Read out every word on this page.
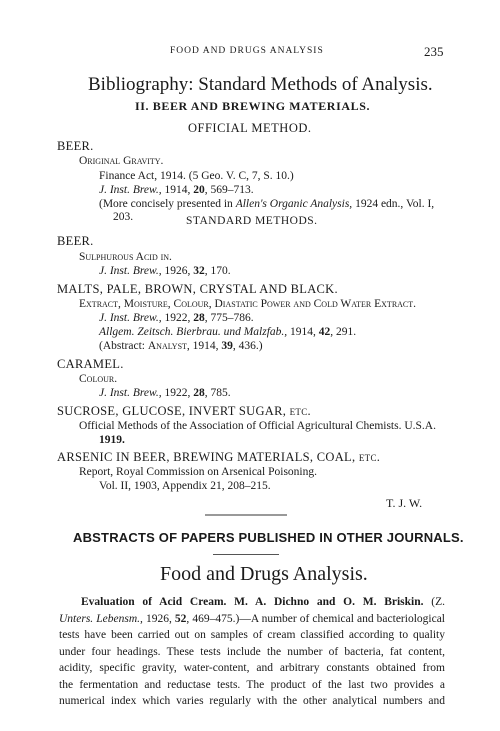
FOOD AND DRUGS ANALYSIS	235
Bibliography: Standard Methods of Analysis.
II. BEER AND BREWING MATERIALS.
OFFICIAL METHOD.
BEER.
Original Gravity.
Finance Act, 1914. (5 Geo. V. C, 7, S. 10.)
J. Inst. Brew., 1914, 20, 569–713.
(More concisely presented in Allen's Organic Analysis, 1924 edn., Vol. I,
203.	STANDARD METHODS.
BEER.
Sulphurous Acid in.
J. Inst. Brew., 1926, 32, 170.
MALTS, PALE, BROWN, CRYSTAL AND BLACK.
Extract, Moisture, Colour, Diastatic Power and Cold Water Extract.
J. Inst. Brew., 1922, 28, 775–786.
Allgem. Zeitsch. Bierbrau. und Malzfab., 1914, 42, 291.
(Abstract: Analyst, 1914, 39, 436.)
CARAMEL.
Colour.
J. Inst. Brew., 1922, 28, 785.
SUCROSE, GLUCOSE, INVERT SUGAR, etc.
Official Methods of the Association of Official Agricultural Chemists. U.S.A.
1919.
ARSENIC IN BEER, BREWING MATERIALS, COAL, etc.
Report, Royal Commission on Arsenical Poisoning.
Vol. II, 1903, Appendix 21, 208–215.
T. J. W.
ABSTRACTS OF PAPERS PUBLISHED IN OTHER JOURNALS.
Food and Drugs Analysis.
Evaluation of Acid Cream. M. A. Dichno and O. M. Briskin. (Z.
Unters. Lebensm., 1926, 52, 469–475.)—A number of chemical and bacteriological
tests have been carried out on samples of cream classified according to quality
under four headings. These tests include the number of bacteria, fat content,
acidity, specific gravity, water-content, and arbitrary constants obtained from
the fermentation and reductase tests. The product of the last two provides a
numerical index which varies regularly with the other analytical numbers and
